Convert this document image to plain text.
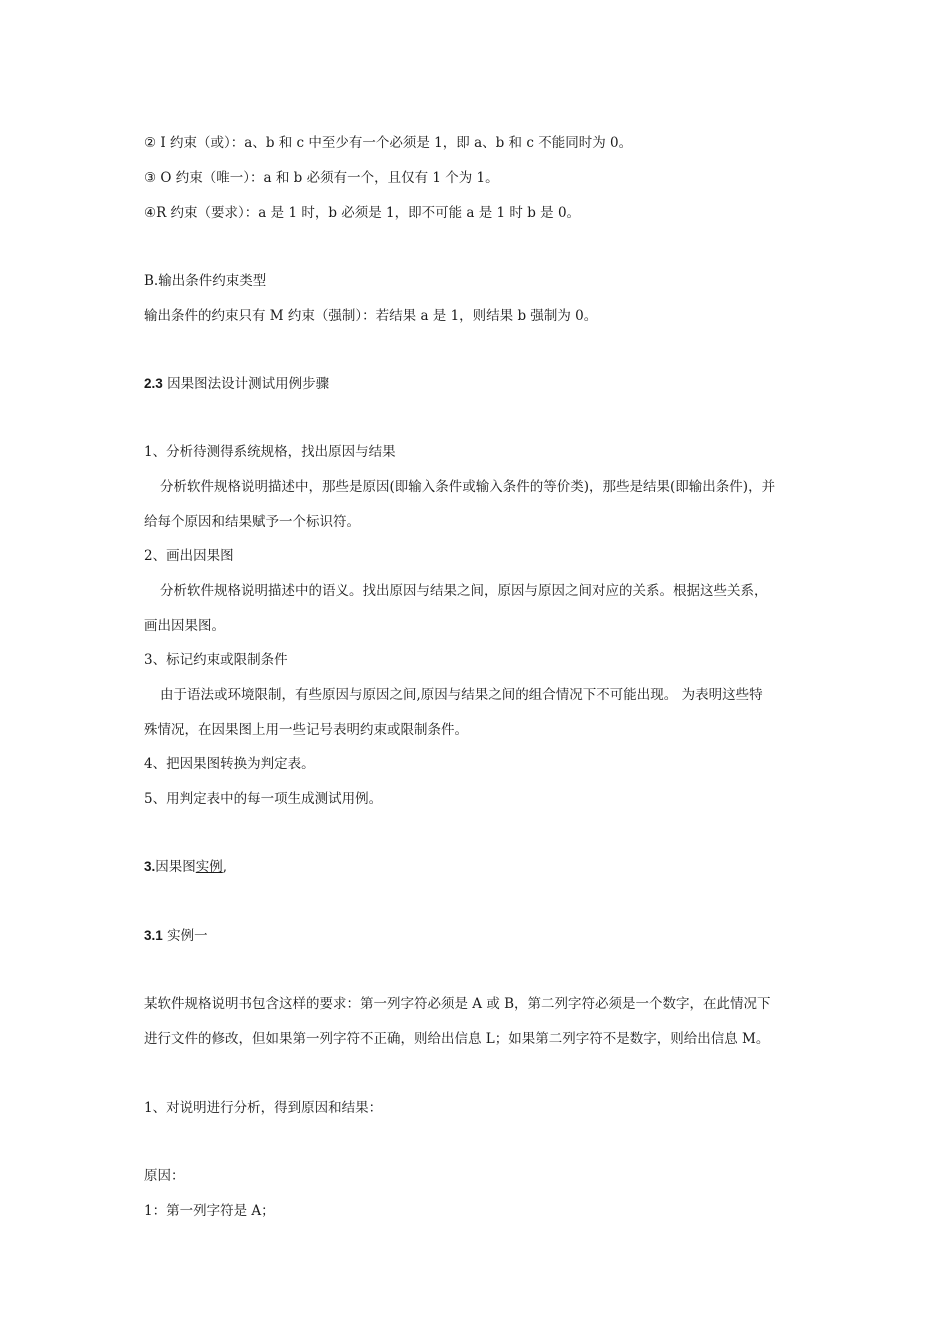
② I 约束（或）：a、b 和 c 中至少有一个必须是 1，即 a、b 和 c 不能同时为 0。
③ O 约束（唯一）：a 和 b 必须有一个，且仅有 1 个为 1。
④R 约束（要求）：a 是 1 时，b 必须是 1，即不可能 a 是 1 时 b 是 0。
B.输出条件约束类型
输出条件的约束只有 M 约束（强制）：若结果 a 是 1，则结果 b 强制为 0。
2.3 因果图法设计测试用例步骤
1、分析待测得系统规格，找出原因与结果
分析软件规格说明描述中，那些是原因(即输入条件或输入条件的等价类)，那些是结果(即输出条件)，并
给每个原因和结果赋予一个标识符。
2、画出因果图
分析软件规格说明描述中的语义。找出原因与结果之间，原因与原因之间对应的关系。根据这些关系，
画出因果图。
3、标记约束或限制条件
由于语法或环境限制，有些原因与原因之间,原因与结果之间的组合情况下不可能出现。 为表明这些特
殊情况，在因果图上用一些记号表明约束或限制条件。
4、把因果图转换为判定表。
5、用判定表中的每一项生成测试用例。
3.因果图实例,
3.1 实例一
某软件规格说明书包含这样的要求：第一列字符必须是 A 或 B，第二列字符必须是一个数字，在此情况下
进行文件的修改，但如果第一列字符不正确，则给出信息 L；如果第二列字符不是数字，则给出信息 M。
1、对说明进行分析，得到原因和结果：
原因：
1：第一列字符是 A；
